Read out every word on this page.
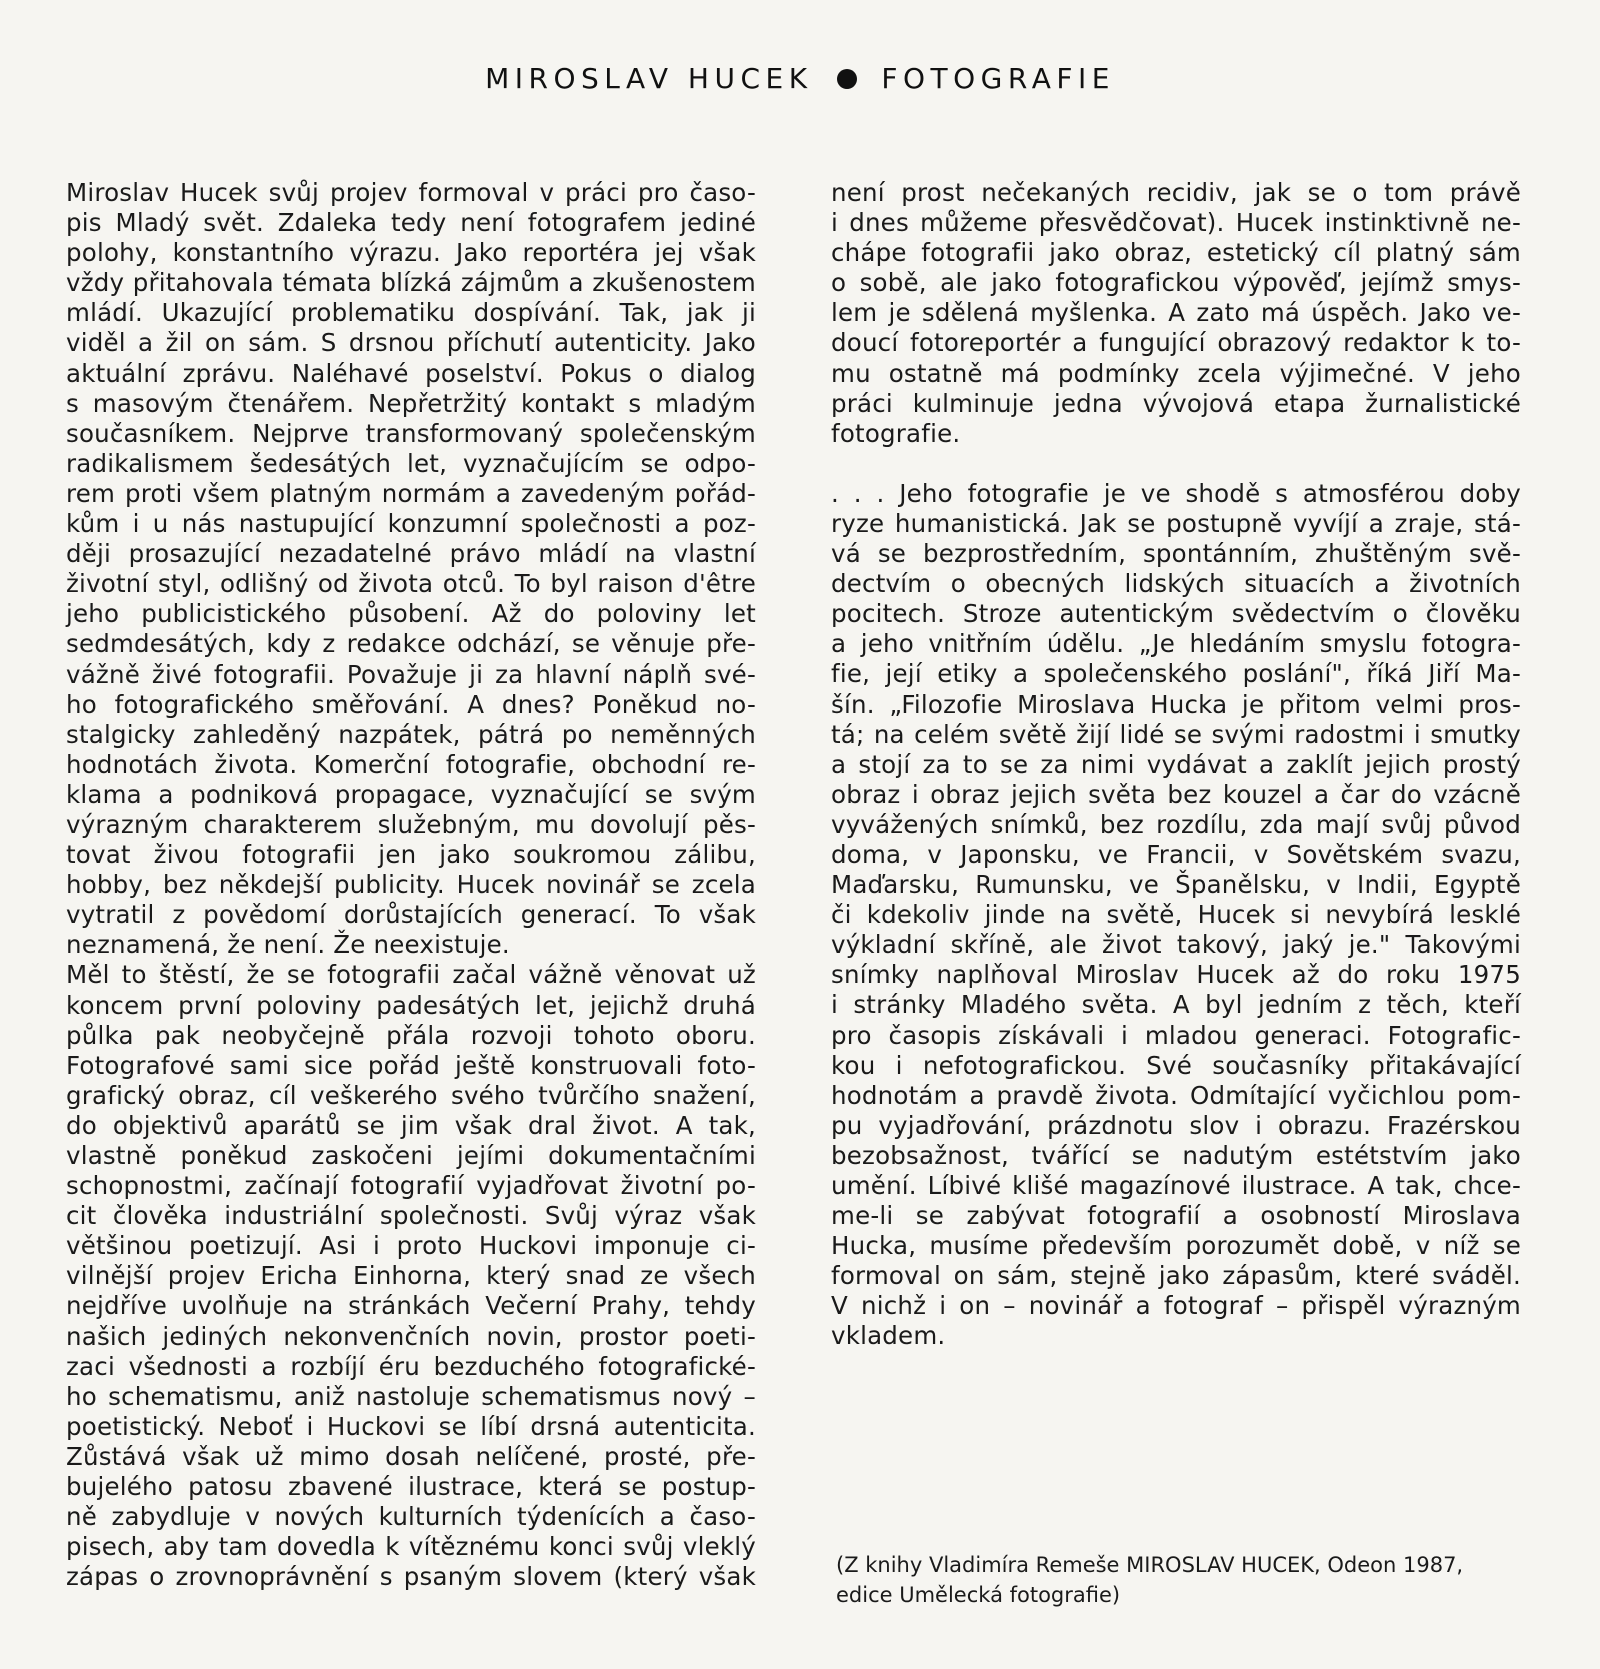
MIROSLAV HUCEK FOTOGRAFIE
Miroslav Hucek svůj projev formoval v práci pro časo-
pis Mladý svět. Zdaleka tedy není fotografem jediné
polohy, konstantního výrazu. Jako reportéra jej však
vždy přitahovala témata blízká zájmům a zkušenostem
mládí. Ukazující problematiku dospívání. Tak, jak ji
viděl a žil on sám. S drsnou příchutí autenticity. Jako
aktuální zprávu. Naléhavé poselství. Pokus o dialog
s masovým čtenářem. Nepřetržitý kontakt s mladým
současníkem. Nejprve transformovaný společenským
radikalismem šedesátých let, vyznačujícím se odpo-
rem proti všem platným normám a zavedeným pořád-
kům i u nás nastupující konzumní společnosti a poz-
ději prosazující nezadatelné právo mládí na vlastní
životní styl, odlišný od života otců. To byl raison d'être
jeho publicistického působení. Až do poloviny let
sedmdesátých, kdy z redakce odchází, se věnuje pře-
vážně živé fotografii. Považuje ji za hlavní náplň své-
ho fotografického směřování. A dnes? Poněkud no-
stalgicky zahleděný nazpátek, pátrá po neměnných
hodnotách života. Komerční fotografie, obchodní re-
klama a podniková propagace, vyznačující se svým
výrazným charakterem služebným, mu dovolují pěs-
tovat živou fotografii jen jako soukromou zálibu,
hobby, bez někdejší publicity. Hucek novinář se zcela
vytratil z povědomí dorůstajících generací. To však
neznamená, že není. Že neexistuje.
Měl to štěstí, že se fotografii začal vážně věnovat už
koncem první poloviny padesátých let, jejichž druhá
půlka pak neobyčejně přála rozvoji tohoto oboru.
Fotografové sami sice pořád ještě konstruovali foto-
grafický obraz, cíl veškerého svého tvůrčího snažení,
do objektivů aparátů se jim však dral život. A tak,
vlastně poněkud zaskočeni jejími dokumentačními
schopnostmi, začínají fotografií vyjadřovat životní po-
cit člověka industriální společnosti. Svůj výraz však
většinou poetizují. Asi i proto Huckovi imponuje ci-
vilnější projev Ericha Einhorna, který snad ze všech
nejdříve uvolňuje na stránkách Večerní Prahy, tehdy
našich jediných nekonvenčních novin, prostor poeti-
zaci všednosti a rozbíjí éru bezduchého fotografické-
ho schematismu, aniž nastoluje schematismus nový –
poetistický. Neboť i Huckovi se líbí drsná autenticita.
Zůstává však už mimo dosah nelíčené, prosté, pře-
bujelého patosu zbavené ilustrace, která se postup-
ně zabydluje v nových kulturních týdenících a časo-
pisech, aby tam dovedla k vítěznému konci svůj vleklý
zápas o zrovnoprávnění s psaným slovem (který však
není prost nečekaných recidiv, jak se o tom právě
i dnes můžeme přesvědčovat). Hucek instinktivně ne-
chápe fotografii jako obraz, estetický cíl platný sám
o sobě, ale jako fotografickou výpověď, jejímž smys-
lem je sdělená myšlenka. A zato má úspěch. Jako ve-
doucí fotoreportér a fungující obrazový redaktor k to-
mu ostatně má podmínky zcela výjimečné. V jeho
práci kulminuje jedna vývojová etapa žurnalistické
fotografie.
. . . Jeho fotografie je ve shodě s atmosférou doby
ryze humanistická. Jak se postupně vyvíjí a zraje, stá-
vá se bezprostředním, spontánním, zhuštěným svě-
dectvím o obecných lidských situacích a životních
pocitech. Stroze autentickým svědectvím o člověku
a jeho vnitřním údělu. „Je hledáním smyslu fotogra-
fie, její etiky a společenského poslání", říká Jiří Ma-
šín. „Filozofie Miroslava Hucka je přitom velmi pros-
tá; na celém světě žijí lidé se svými radostmi i smutky
a stojí za to se za nimi vydávat a zaklít jejich prostý
obraz i obraz jejich světa bez kouzel a čar do vzácně
vyvážených snímků, bez rozdílu, zda mají svůj původ
doma, v Japonsku, ve Francii, v Sovětském svazu,
Maďarsku, Rumunsku, ve Španělsku, v Indii, Egyptě
či kdekoliv jinde na světě, Hucek si nevybírá lesklé
výkladní skříně, ale život takový, jaký je." Takovými
snímky naplňoval Miroslav Hucek až do roku 1975
i stránky Mladého světa. A byl jedním z těch, kteří
pro časopis získávali i mladou generaci. Fotografic-
kou i nefotografickou. Své současníky přitakávající
hodnotám a pravdě života. Odmítající vyčichlou pom-
pu vyjadřování, prázdnotu slov i obrazu. Frazérskou
bezobsažnost, tvářící se nadutým estétstvím jako
umění. Líbivé klišé magazínové ilustrace. A tak, chce-
me-li se zabývat fotografií a osobností Miroslava
Hucka, musíme především porozumět době, v níž se
formoval on sám, stejně jako zápasům, které sváděl.
V nichž i on – novinář a fotograf – přispěl výrazným
vkladem.
(Z knihy Vladimíra Remeše MIROSLAV HUCEK, Odeon 1987,
edice Umělecká fotografie)
